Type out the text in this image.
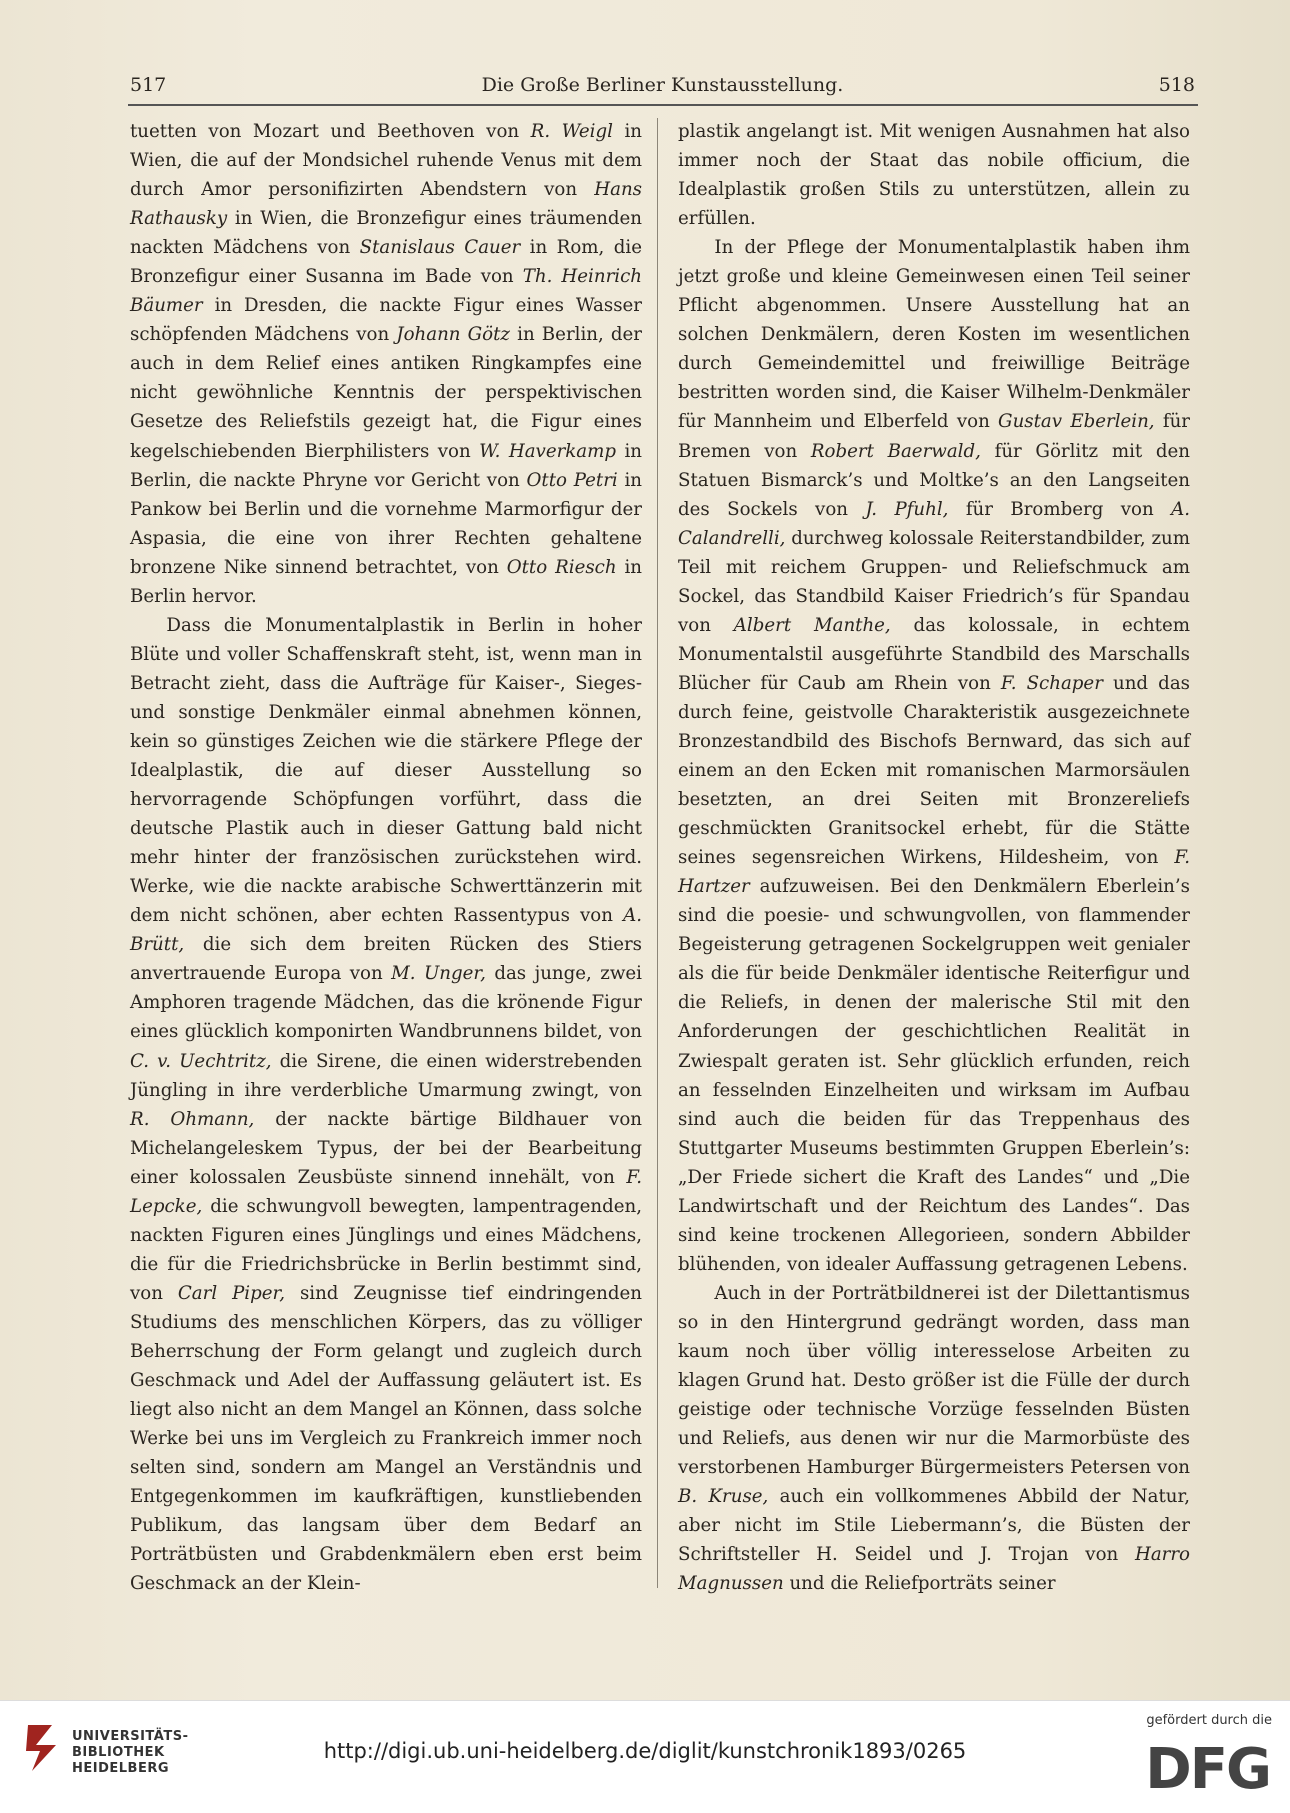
517	Die Große Berliner Kunstausstellung.	518

tuetten von Mozart und Beethoven von R. Weigl in Wien, die auf der Mondsichel ruhende Venus mit dem durch Amor personifizirten Abendstern von Hans Rathausky in Wien, die Bronzefigur eines träumenden nackten Mädchens von Stanislaus Cauer in Rom, die Bronzefigur einer Susanna im Bade von Th. Heinrich Bäumer in Dresden, die nackte Figur eines Wasser schöpfenden Mädchens von Johann Götz in Berlin, der auch in dem Relief eines antiken Ringkampfes eine nicht gewöhnliche Kenntnis der perspektivischen Gesetze des Reliefstils gezeigt hat, die Figur eines kegelschiebenden Bierphilisters von W. Haverkamp in Berlin, die nackte Phryne vor Gericht von Otto Petri in Pankow bei Berlin und die vornehme Marmorfigur der Aspasia, die eine von ihrer Rechten gehaltene bronzene Nike sinnend betrachtet, von Otto Riesch in Berlin hervor.

Dass die Monumentalplastik in Berlin in hoher Blüte und voller Schaffenskraft steht, ist, wenn man in Betracht zieht, dass die Aufträge für Kaiser-, Sieges- und sonstige Denkmäler einmal abnehmen können, kein so günstiges Zeichen wie die stärkere Pflege der Idealplastik, die auf dieser Ausstellung so hervorragende Schöpfungen vorführt, dass die deutsche Plastik auch in dieser Gattung bald nicht mehr hinter der französischen zurückstehen wird. Werke, wie die nackte arabische Schwerttänzerin mit dem nicht schönen, aber echten Rassentypus von A. Brütt, die sich dem breiten Rücken des Stiers anvertrauende Europa von M. Unger, das junge, zwei Amphoren tragende Mädchen, das die krönende Figur eines glücklich komponirten Wandbrunnens bildet, von C. v. Uechtritz, die Sirene, die einen widerstrebenden Jüngling in ihre verderbliche Umarmung zwingt, von R. Ohmann, der nackte bärtige Bildhauer von Michelangeleskem Typus, der bei der Bearbeitung einer kolossalen Zeusbüste sinnend innehält, von F. Lepcke, die schwungvoll bewegten, lampentragenden, nackten Figuren eines Jünglings und eines Mädchens, die für die Friedrichsbrücke in Berlin bestimmt sind, von Carl Piper, sind Zeugnisse tief eindringenden Studiums des menschlichen Körpers, das zu völliger Beherrschung der Form gelangt und zugleich durch Geschmack und Adel der Auffassung geläutert ist. Es liegt also nicht an dem Mangel an Können, dass solche Werke bei uns im Vergleich zu Frankreich immer noch selten sind, sondern am Mangel an Verständnis und Entgegenkommen im kaufkräftigen, kunstliebenden Publikum, das langsam über dem Bedarf an Porträtbüsten und Grabdenkmälern eben erst beim Geschmack an der Klein-

plastik angelangt ist. Mit wenigen Ausnahmen hat also immer noch der Staat das nobile officium, die Idealplastik großen Stils zu unterstützen, allein zu erfüllen.

In der Pflege der Monumentalplastik haben ihm jetzt große und kleine Gemeinwesen einen Teil seiner Pflicht abgenommen. Unsere Ausstellung hat an solchen Denkmälern, deren Kosten im wesentlichen durch Gemeindemittel und freiwillige Beiträge bestritten worden sind, die Kaiser Wilhelm-Denkmäler für Mannheim und Elberfeld von Gustav Eberlein, für Bremen von Robert Baerwald, für Görlitz mit den Statuen Bismarck’s und Moltke’s an den Langseiten des Sockels von J. Pfuhl, für Bromberg von A. Calandrelli, durchweg kolossale Reiterstandbilder, zum Teil mit reichem Gruppen- und Reliefschmuck am Sockel, das Standbild Kaiser Friedrich’s für Spandau von Albert Manthe, das kolossale, in echtem Monumentalstil ausgeführte Standbild des Marschalls Blücher für Caub am Rhein von F. Schaper und das durch feine, geistvolle Charakteristik ausgezeichnete Bronzestandbild des Bischofs Bernward, das sich auf einem an den Ecken mit romanischen Marmorsäulen besetzten, an drei Seiten mit Bronzereliefs geschmückten Granitsockel erhebt, für die Stätte seines segensreichen Wirkens, Hildesheim, von F. Hartzer aufzuweisen. Bei den Denkmälern Eberlein’s sind die poesie- und schwungvollen, von flammender Begeisterung getragenen Sockelgruppen weit genialer als die für beide Denkmäler identische Reiterfigur und die Reliefs, in denen der malerische Stil mit den Anforderungen der geschichtlichen Realität in Zwiespalt geraten ist. Sehr glücklich erfunden, reich an fesselnden Einzelheiten und wirksam im Aufbau sind auch die beiden für das Treppenhaus des Stuttgarter Museums bestimmten Gruppen Eberlein’s: „Der Friede sichert die Kraft des Landes“ und „Die Landwirtschaft und der Reichtum des Landes“. Das sind keine trockenen Allegorieen, sondern Abbilder blühenden, von idealer Auffassung getragenen Lebens.

Auch in der Porträtbildnerei ist der Dilettantismus so in den Hintergrund gedrängt worden, dass man kaum noch über völlig interesselose Arbeiten zu klagen Grund hat. Desto größer ist die Fülle der durch geistige oder technische Vorzüge fesselnden Büsten und Reliefs, aus denen wir nur die Marmorbüste des verstorbenen Hamburger Bürgermeisters Petersen von B. Kruse, auch ein vollkommenes Abbild der Natur, aber nicht im Stile Liebermann’s, die Büsten der Schriftsteller H. Seidel und J. Trojan von Harro Magnussen und die Reliefporträts seiner

UNIVERSITÄTS-
BIBLIOTHEK
HEIDELBERG
http://digi.ub.uni-heidelberg.de/diglit/kunstchronik1893/0265
gefördert durch die
DFG
